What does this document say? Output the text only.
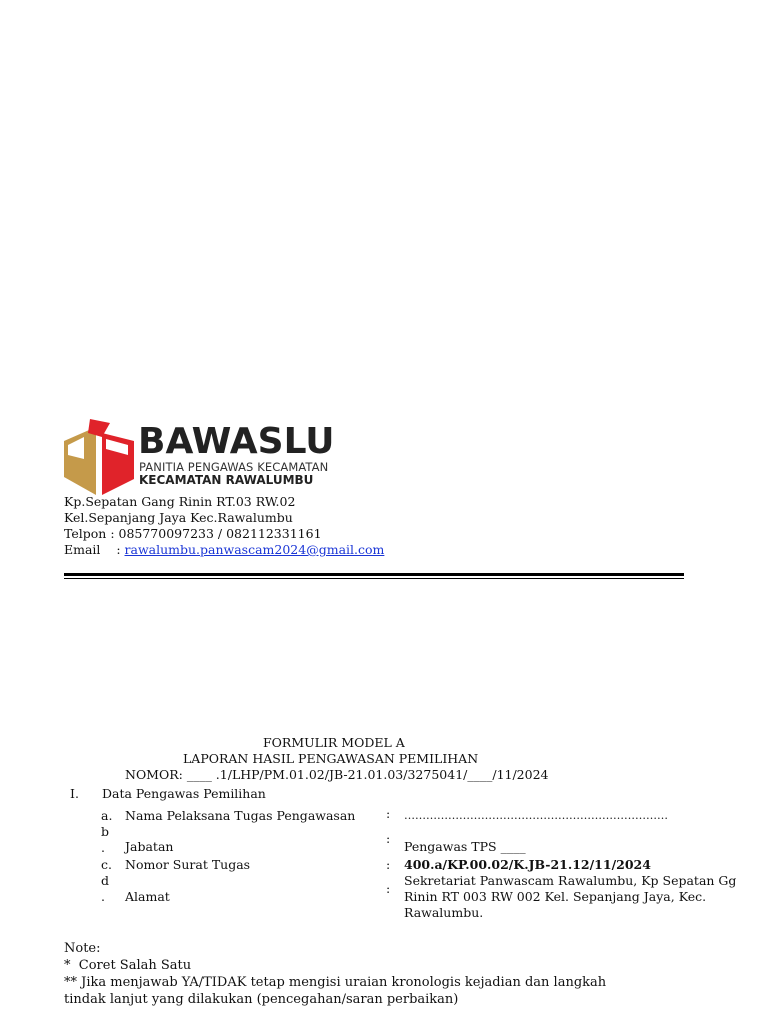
BAWASLU
PANITIA PENGAWAS KECAMATAN
KECAMATAN RAWALUMBU
Kp.Sepatan Gang Rinin RT.03 RW.02
Kel.Sepanjang Jaya Kec.Rawalumbu
Telpon : 085770097233 / 082112331161
Email    : rawalumbu.panwascam2024@gmail.com
FORMULIR MODEL A
LAPORAN HASIL PENGAWASAN PEMILIHAN
NOMOR: ____ .1/LHP/PM.01.02/JB-21.01.03/3275041/____/11/2024
I. Data Pengawas Pemilihan
a. Nama Pelaksana Tugas Pengawasan : ………………………………………………………………
b
. Jabatan
:
Pengawas TPS ____
c. Nomor Surat Tugas	: 400.a/KP.00.02/K.JB-21.12/11/2024
d
. Alamat
:
Sekretariat Panwascam Rawalumbu, Kp Sepatan Gg
Rinin RT 003 RW 002 Kel. Sepanjang Jaya, Kec.
Rawalumbu.
Note:
*  Coret Salah Satu
** Jika menjawab YA/TIDAK tetap mengisi uraian kronologis kejadian dan langkah
tindak lanjut yang dilakukan (pencegahan/saran perbaikan)
